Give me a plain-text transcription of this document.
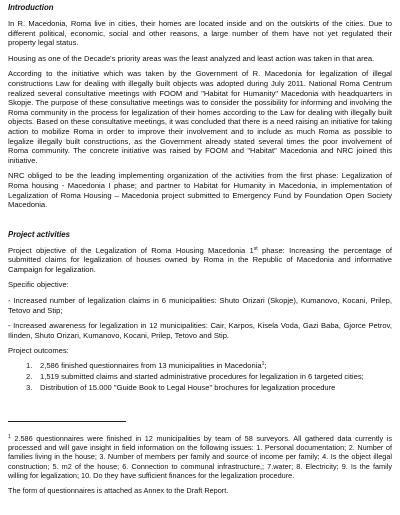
Introduction

In R. Macedonia, Roma live in cities, their homes are located inside and on the outskirts of the cities. Due to different political, economic, social and other reasons, a large number of them have not yet regulated their property legal status.

Housing as one of the Decade's priority areas was the least analyzed and least action was taken in that area.

According to the initiative which was taken by the Government of R. Macedonia for legalization of illegal constructions Law for dealing with illegally built objects was adopted during July 2011. National Roma Centrum realized several consultative meetings with FOOM and "Habitat for Humanity" Macedonia with headquarters in Skopje. The purpose of these consultative meetings was to consider the possibility for informing and involving the Roma community in the process for legalization of their homes according to the Law for dealing with illegally built objects. Based on these consultative meetings, it was concluded that there is a need raising an initiative for taking action to mobilize Roma in order to improve their involvement and to include as much Roma as possible to legalize illegally built constructions, as the Government already stated several times the poor involvement of Roma community. The concrete initiative was raised by FOOM and "Habitat" Macedonia and NRC joined this initiative.

NRC obliged to be the leading implementing organization of the activities from the first phase: Legalization of Roma housing - Macedonia I phase; and partner to Habitat for Humanity in Macedonia, in implementation of Legalization of Roma Housing – Macedonia project submitted to Emergency Fund by Foundation Open Society Macedonia.

Project activities

Project objective of the Legalization of Roma Housing Macedonia 1st phase: Increasing the percentage of submitted claims for legalization of houses owned by Roma in the Republic of Macedonia and informative Campaign for legalization.

Specific objective:

- Increased number of legalization claims in 6 municipalities: Shuto Orizari (Skopje), Kumanovo, Kocani, Prilep, Tetovo and Stip;

- Increased awareness for legalization in 12 municipalities: Cair, Karpos, Kisela Voda, Gazi Baba, Gjorce Petrov, Ilinden, Shuto Orizari, Kumanovo, Kocani, Prilep, Tetovo and Stip.

Project outcomes:

1.	2,586 finished questionnaires from 13 municipalities in Macedonia$^1$;
2.	1,519 submitted claims and started administrative procedures for legalization in 6 targeted cities;
3.	Distribution of 15.000 "Guide Book to Legal House" brochures for legalization procedure

$^1$ 2.586 questionnaires were finished in 12 municipalities by team of 58 surveyors. All gathered data currently is processed and will gave insight in field information on the following issues: 1. Personal documentation; 2. Number of families living in the house; 3. Number of members per family and source of income per family; 4. Is the object illegal construction; 5. m2 of the house; 6. Connection to communal infrastructure,; 7.water; 8. Electricity; 9. Is the family willing for legalization; 10. Do they have sufficient finances for the legalization procedure.

The form of questionnaires is attached as Annex to the Draft Report.
